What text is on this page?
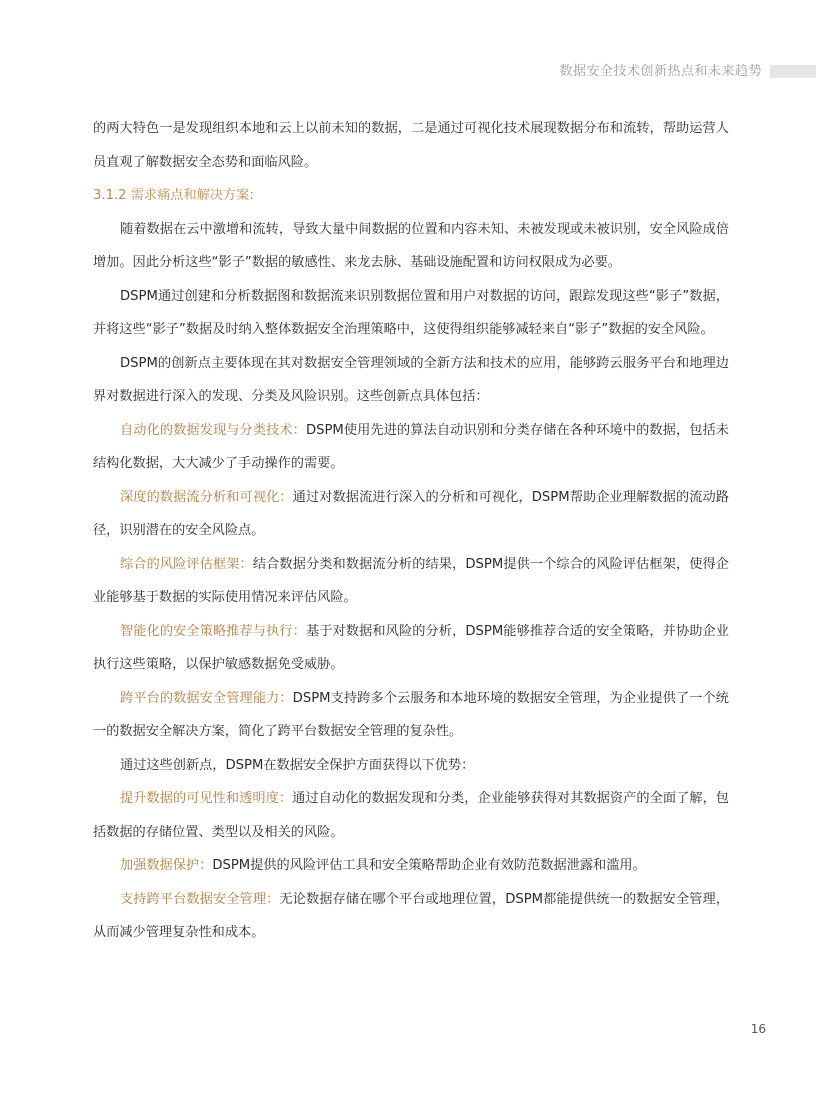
数据安全技术创新热点和未来趋势

的两大特色一是发现组织本地和云上以前未知的数据，二是通过可视化技术展现数据分布和流转，帮助运营人员直观了解数据安全态势和面临风险。

3.1.2 需求痛点和解决方案:

随着数据在云中激增和流转，导致大量中间数据的位置和内容未知、未被发现或未被识别，安全风险成倍增加。因此分析这些“影子”数据的敏感性、来龙去脉、基础设施配置和访问权限成为必要。

DSPM通过创建和分析数据图和数据流来识别数据位置和用户对数据的访问，跟踪发现这些“影子”数据，并将这些“影子”数据及时纳入整体数据安全治理策略中，这使得组织能够减轻来自“影子”数据的安全风险。

DSPM的创新点主要体现在其对数据安全管理领域的全新方法和技术的应用，能够跨云服务平台和地理边界对数据进行深入的发现、分类及风险识别。这些创新点具体包括：

自动化的数据发现与分类技术：DSPM使用先进的算法自动识别和分类存储在各种环境中的数据，包括未结构化数据，大大减少了手动操作的需要。

深度的数据流分析和可视化：通过对数据流进行深入的分析和可视化，DSPM帮助企业理解数据的流动路径，识别潜在的安全风险点。

综合的风险评估框架：结合数据分类和数据流分析的结果，DSPM提供一个综合的风险评估框架，使得企业能够基于数据的实际使用情况来评估风险。

智能化的安全策略推荐与执行：基于对数据和风险的分析，DSPM能够推荐合适的安全策略，并协助企业执行这些策略，以保护敏感数据免受威胁。

跨平台的数据安全管理能力：DSPM支持跨多个云服务和本地环境的数据安全管理，为企业提供了一个统一的数据安全解决方案，简化了跨平台数据安全管理的复杂性。

通过这些创新点，DSPM在数据安全保护方面获得以下优势：

提升数据的可见性和透明度：通过自动化的数据发现和分类，企业能够获得对其数据资产的全面了解，包括数据的存储位置、类型以及相关的风险。

加强数据保护：DSPM提供的风险评估工具和安全策略帮助企业有效防范数据泄露和滥用。

支持跨平台数据安全管理：无论数据存储在哪个平台或地理位置，DSPM都能提供统一的数据安全管理，从而减少管理复杂性和成本。

16
